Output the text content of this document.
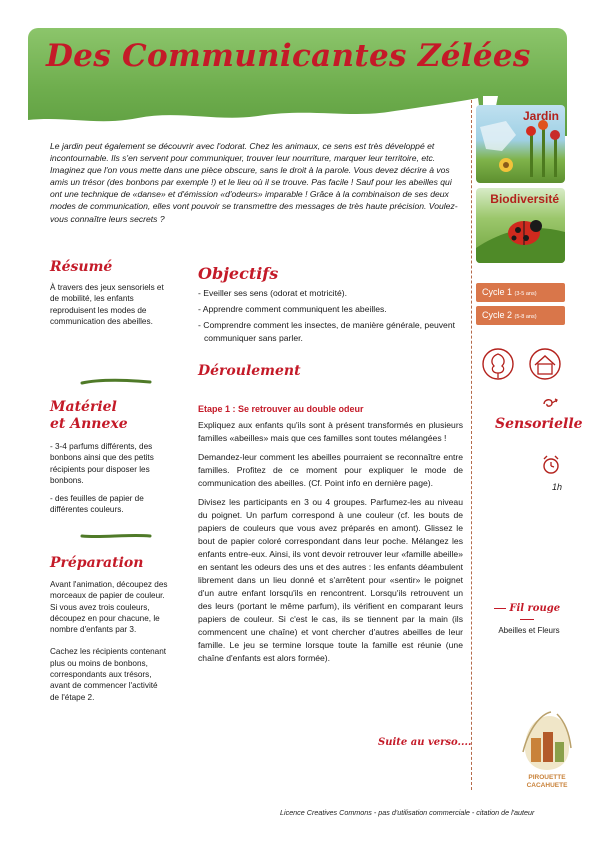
Des Communicantes Zélées

Le jardin peut également se découvrir avec l'odorat. Chez les animaux, ce sens est très développé et incontournable. Ils s'en servent pour communiquer, trouver leur nourriture, marquer leur territoire, etc.

Imaginez que l'on vous mette dans une pièce obscure, sans le droit à la parole. Vous devez décrire à vos amis un trésor (des bonbons par exemple !) et le lieu où il se trouve. Pas facile ! Sauf pour les abeilles qui ont une technique de «danse» et d'émission «d'odeurs» imparable ! Grâce à la combinaison de ses deux modes de communication, elles vont pouvoir se transmettre des messages de très haute précision. Voulez-vous connaître leurs secrets ?

Résumé
À travers des jeux sensoriels et de mobilité, les enfants reproduisent les modes de communication des abeilles.
Matériel
et Annexe
- 3-4 parfums différents, des bonbons ainsi que des petits récipients pour disposer les bonbons.
- des feuilles de papier de différentes couleurs.
Préparation
Avant l'animation, découpez des morceaux de papier de couleur. Si vous avez trois couleurs, découpez en pour chacune, le nombre d'enfants par 3.
Cachez les récipients contenant plus ou moins de bonbons, correspondants aux trésors, avant de commencer l'activité de l'étape 2.
Objectifs
- Eveiller ses sens (odorat et motricité).
- Apprendre comment communiquent les abeilles.
- Comprendre comment les insectes, de manière générale, peuvent communiquer sans parler.
Déroulement
Etape 1 : Se retrouver au double odeur

Expliquez aux enfants qu'ils sont à présent transformés en plusieurs familles «abeilles» mais que ces familles sont toutes mélangées !

Demandez-leur comment les abeilles pourraient se reconnaître entre familles. Profitez de ce moment pour expliquer le mode de communication des abeilles. (Cf. Point info en dernière page).

Divisez les participants en 3 ou 4 groupes. Parfumez-les au niveau du poignet. Un parfum correspond à une couleur (cf. les bouts de papiers de couleurs que vous avez préparés en amont). Glissez le bout de papier coloré correspondant dans leur poche. Mélangez les enfants entre-eux. Ainsi, ils vont devoir retrouver leur «famille abeille» en sentant les odeurs des uns et des autres : les enfants déambulent librement dans un lieu donné et s'arrêtent pour «sentir» le poignet d'un autre enfant lorsqu'ils en rencontrent. Lorsqu'ils retrouvent un des leurs (portant le même parfum), ils vérifient en comparant leurs papiers de couleur. Si c'est le cas, ils se tiennent par la main (ils commencent une chaîne) et vont chercher d'autres abeilles de leur famille. Le jeu se termine lorsque toute la famille est réunie (une chaîne d'enfants est alors formée).

Suite au verso....
Jardin
Biodiversité
Cycle 1 (3-5 ans)
Cycle 2 (5-8 ans)
Sensorielle
1h
Fil rouge
Abeilles et Fleurs
PIROUETTE
CACAHUETE
Licence Creatives Commons - pas d'utilisation commerciale - citation de l'auteur
